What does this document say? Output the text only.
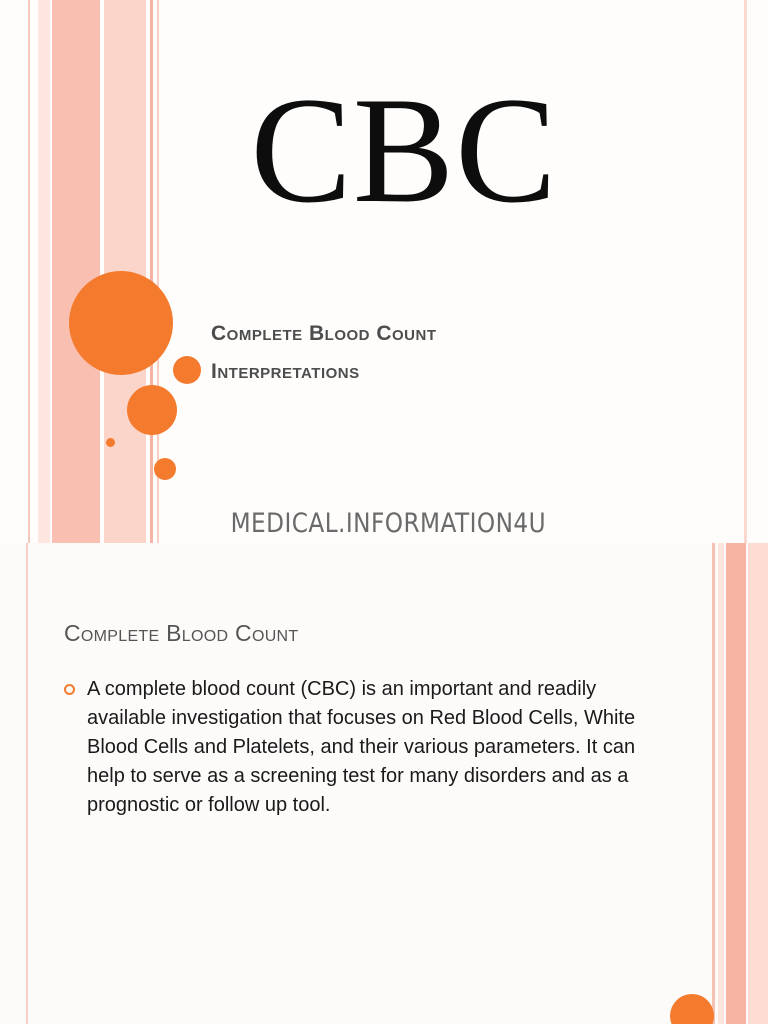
CBC
Complete Blood Count
Interpretations
MEDICAL.INFORMATION4U
Complete Blood Count
A complete blood count (CBC) is an important and readily available investigation that focuses on Red Blood Cells, White Blood Cells and Platelets, and their various parameters. It can help to serve as a screening test for many disorders and as a prognostic or follow up tool.
